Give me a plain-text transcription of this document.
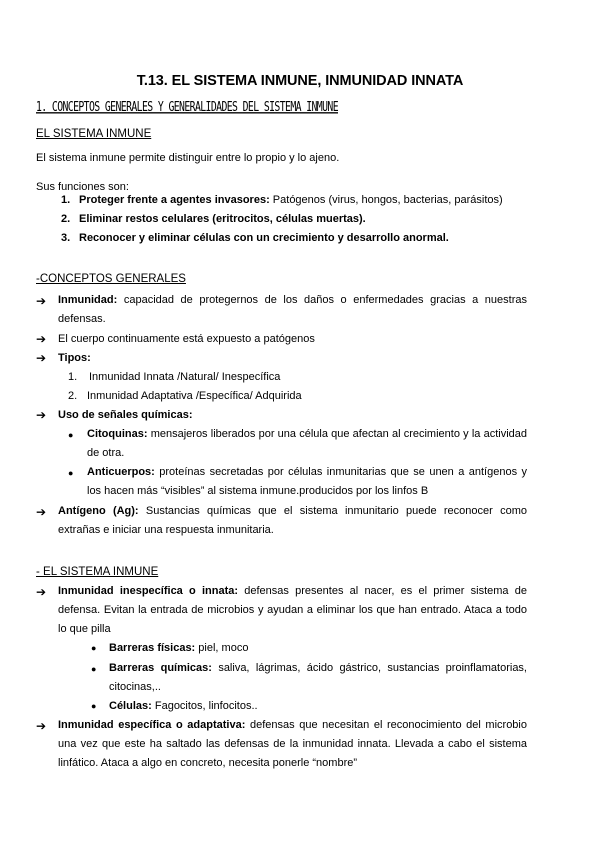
T.13. EL SISTEMA INMUNE, INMUNIDAD INNATA
1. CONCEPTOS GENERALES Y GENERALIDADES DEL SISTEMA INMUNE
EL SISTEMA INMUNE
El sistema inmune permite distinguir entre lo propio y lo ajeno.
Sus funciones son:
1. Proteger frente a agentes invasores: Patógenos (virus, hongos, bacterias, parásitos)
2. Eliminar restos celulares (eritrocitos, células muertas).
3. Reconocer y eliminar células con un crecimiento y desarrollo anormal.
-CONCEPTOS GENERALES
➔ Inmunidad: capacidad de protegernos de los daños o enfermedades gracias a nuestras defensas.
➔ El cuerpo continuamente está expuesto a patógenos
➔ Tipos:
1. Inmunidad Innata /Natural/ Inespecífica
2. Inmunidad Adaptativa /Específica/ Adquirida
➔ Uso de señales químicas:
● Citoquinas: mensajeros liberados por una célula que afectan al crecimiento y la actividad de otra.
● Anticuerpos: proteínas secretadas por células inmunitarias que se unen a antígenos y los hacen más “visibles” al sistema inmune.producidos por los linfos B
➔ Antígeno (Ag): Sustancias químicas que el sistema inmunitario puede reconocer como extrañas e iniciar una respuesta inmunitaria.
- EL SISTEMA INMUNE
➔ Inmunidad inespecífica o innata: defensas presentes al nacer, es el primer sistema de defensa. Evitan la entrada de microbios y ayudan a eliminar los que han entrado. Ataca a todo lo que pilla
● Barreras físicas: piel, moco
● Barreras químicas: saliva, lágrimas, ácido gástrico, sustancias proinflamatorias, citocinas,..
● Células: Fagocitos, linfocitos..
➔ Inmunidad específica o adaptativa: defensas que necesitan el reconocimiento del microbio una vez que este ha saltado las defensas de la inmunidad innata. Llevada a cabo el sistema linfático. Ataca a algo en concreto, necesita ponerle “nombre”
